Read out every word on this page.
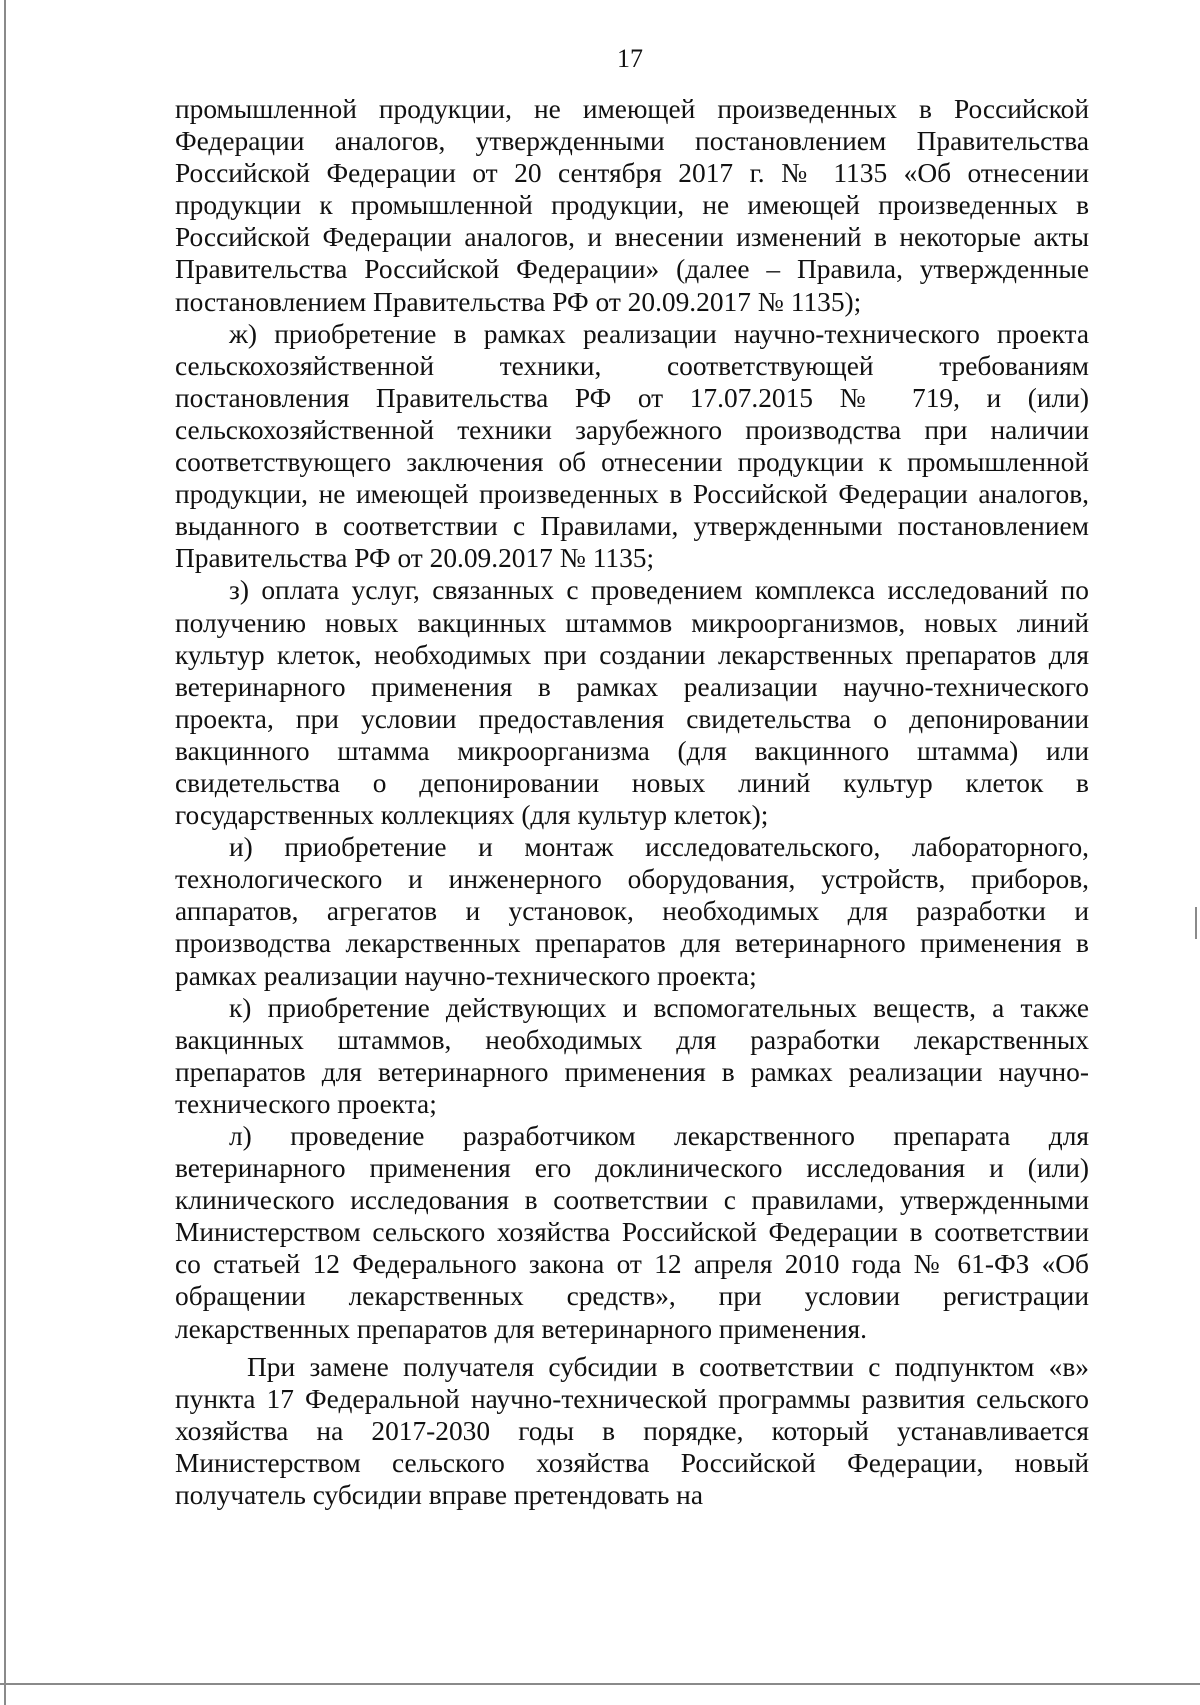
17

промышленной продукции, не имеющей произведенных в Российской Федерации аналогов, утвержденными постановлением Правительства Российской Федерации от 20 сентября 2017 г. № 1135 «Об отнесении продукции к промышленной продукции, не имеющей произведенных в Российской Федерации аналогов, и внесении изменений в некоторые акты Правительства Российской Федерации» (далее – Правила, утвержденные постановлением Правительства РФ от 20.09.2017 № 1135);

ж) приобретение в рамках реализации научно-технического проекта сельскохозяйственной техники, соответствующей требованиям постановления Правительства РФ от 17.07.2015 № 719, и (или) сельскохозяйственной техники зарубежного производства при наличии соответствующего заключения об отнесении продукции к промышленной продукции, не имеющей произведенных в Российской Федерации аналогов, выданного в соответствии с Правилами, утвержденными постановлением Правительства РФ от 20.09.2017 № 1135;

з) оплата услуг, связанных с проведением комплекса исследований по получению новых вакцинных штаммов микроорганизмов, новых линий культур клеток, необходимых при создании лекарственных препаратов для ветеринарного применения в рамках реализации научно-технического проекта, при условии предоставления свидетельства о депонировании вакцинного штамма микроорганизма (для вакцинного штамма) или свидетельства о депонировании новых линий культур клеток в государственных коллекциях (для культур клеток);

и) приобретение и монтаж исследовательского, лабораторного, технологического и инженерного оборудования, устройств, приборов, аппаратов, агрегатов и установок, необходимых для разработки и производства лекарственных препаратов для ветеринарного применения в рамках реализации научно-технического проекта;

к) приобретение действующих и вспомогательных веществ, а также вакцинных штаммов, необходимых для разработки лекарственных препаратов для ветеринарного применения в рамках реализации научно-технического проекта;

л) проведение разработчиком лекарственного препарата для ветеринарного применения его доклинического исследования и (или) клинического исследования в соответствии с правилами, утвержденными Министерством сельского хозяйства Российской Федерации в соответствии со статьей 12 Федерального закона от 12 апреля 2010 года № 61-ФЗ «Об обращении лекарственных средств», при условии регистрации лекарственных препаратов для ветеринарного применения.

При замене получателя субсидии в соответствии с подпунктом «в» пункта 17 Федеральной научно-технической программы развития сельского хозяйства на 2017-2030 годы в порядке, который устанавливается Министерством сельского хозяйства Российской Федерации, новый получатель субсидии вправе претендовать на
